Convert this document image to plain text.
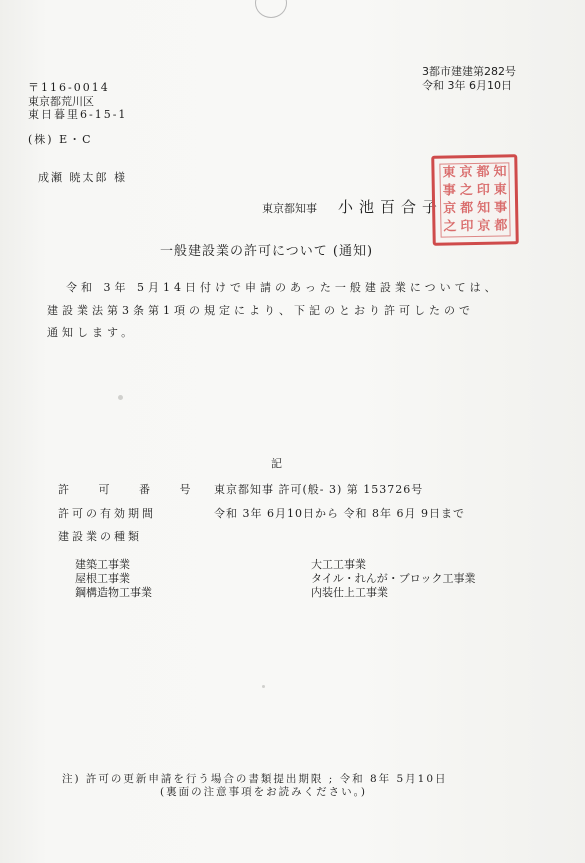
3都市建建第282号
令和 3年 6月10日
〒116-0014
東京都荒川区
東日暮里6-15-1
(株) E・C
成瀬 暁太郎 様
東京都知事 小池百合子
東 京 都 知
事 之 印 東
京 都 知 事
之 印 京 都
一般建設業の許可について (通知)
令和 3年 5月14日付けで申請のあった一般建設業については、
建設業法第3条第1項の規定により、下記のとおり許可したので
通知します。
記
許 可 番 号 東京都知事 許可(般- 3) 第 153726号
許可の有効期間	令和 3年 6月10日から 令和 8年 6月 9日まで
建設業の種類
建築工事業
屋根工事業
鋼構造物工事業
大工工事業
タイル・れんが・ブロック工事業
内装仕上工事業
注) 許可の更新申請を行う場合の書類提出期限 ; 令和 8年 5月10日
(裏面の注意事項をお読みください。)
